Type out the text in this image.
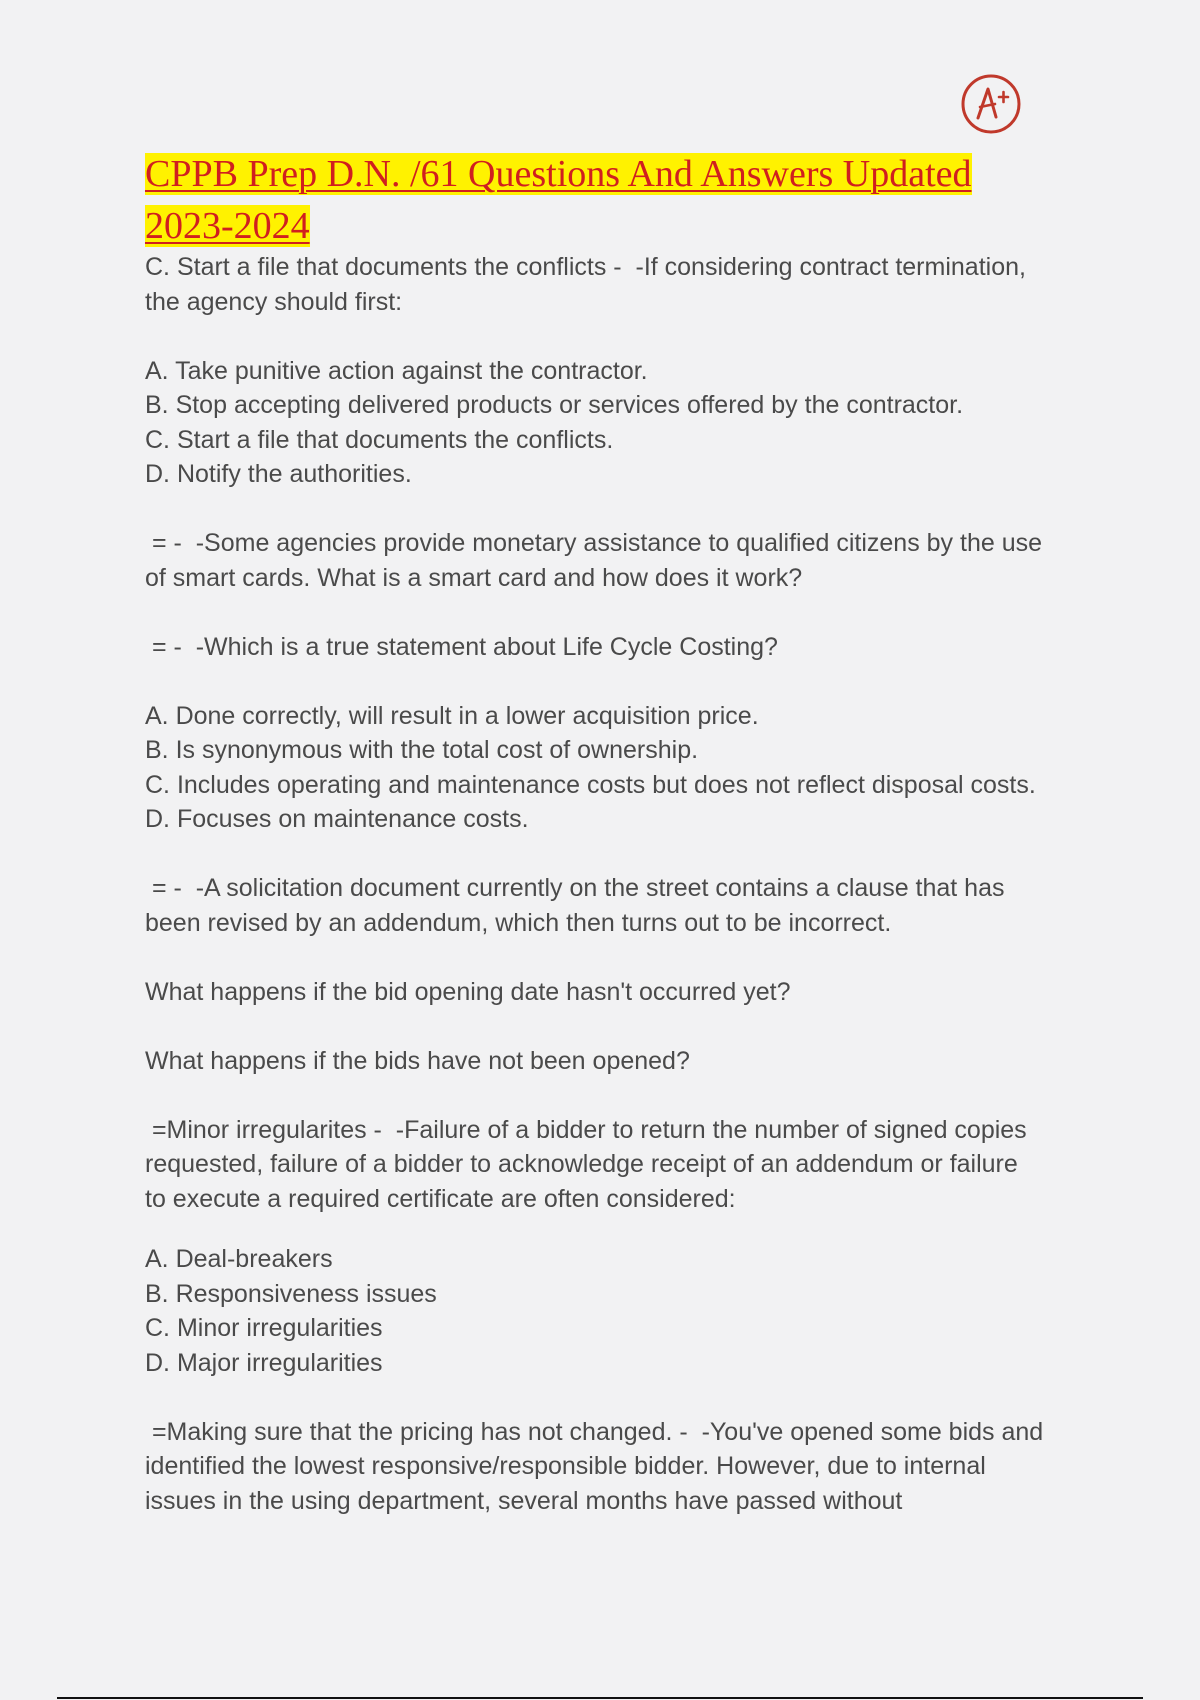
CPPB Prep D.N. /61 Questions And Answers Updated
2023-2024

C. Start a file that documents the conflicts -  -If considering contract termination, the agency should first:

A. Take punitive action against the contractor.
B. Stop accepting delivered products or services offered by the contractor.
C. Start a file that documents the conflicts.
D. Notify the authorities.

= -  -Some agencies provide monetary assistance to qualified citizens by the use of smart cards. What is a smart card and how does it work?

= -  -Which is a true statement about Life Cycle Costing?

A. Done correctly, will result in a lower acquisition price.
B. Is synonymous with the total cost of ownership.
C. Includes operating and maintenance costs but does not reflect disposal costs.
D. Focuses on maintenance costs.

= -  -A solicitation document currently on the street contains a clause that has been revised by an addendum, which then turns out to be incorrect.

What happens if the bid opening date hasn't occurred yet?

What happens if the bids have not been opened?

=Minor irregularites -  -Failure of a bidder to return the number of signed copies requested, failure of a bidder to acknowledge receipt of an addendum or failure to execute a required certificate are often considered:

A. Deal-breakers
B. Responsiveness issues
C. Minor irregularities
D. Major irregularities

=Making sure that the pricing has not changed. -  -You've opened some bids and identified the lowest responsive/responsible bidder. However, due to internal issues in the using department, several months have passed without
